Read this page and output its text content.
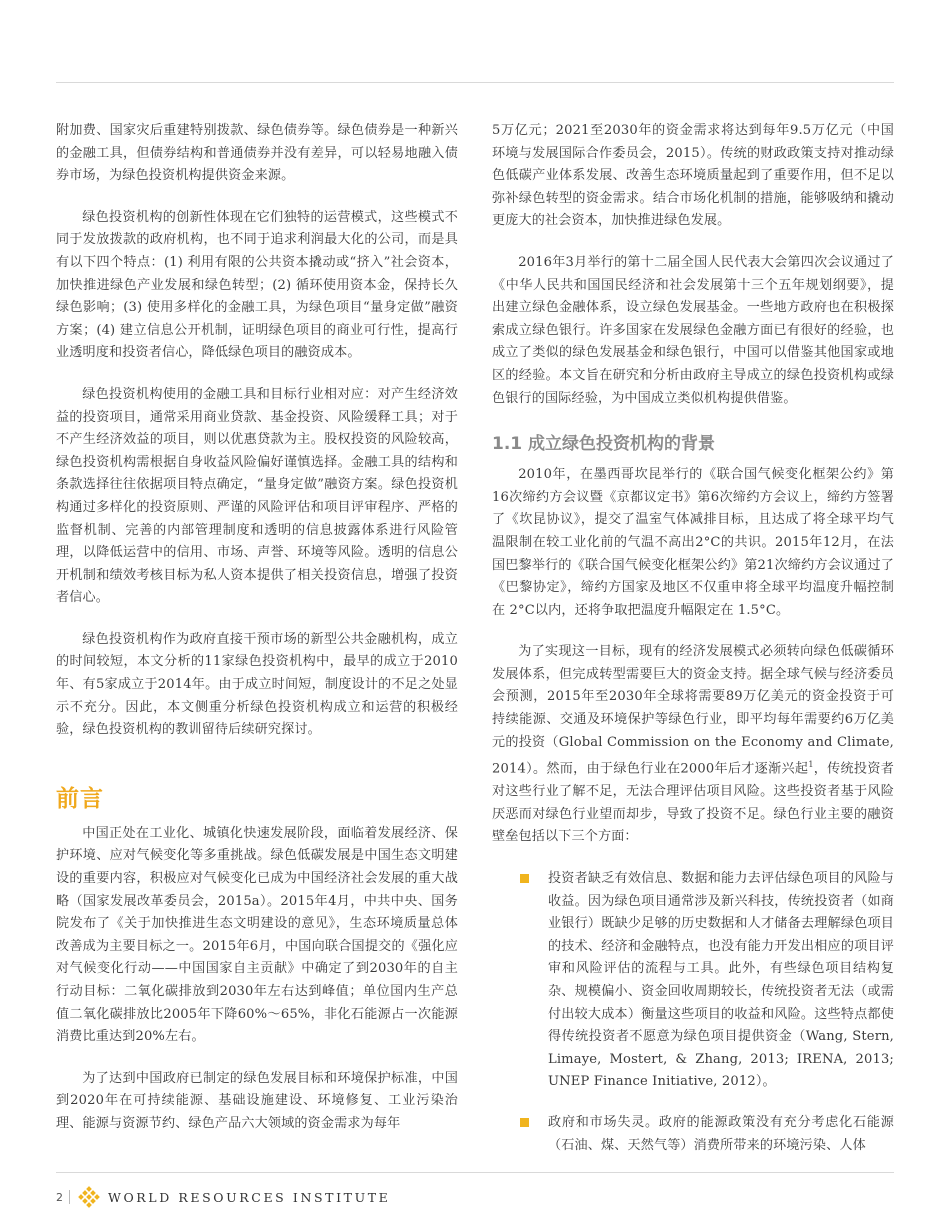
附加费、国家灾后重建特别拨款、绿色债券等。绿色债券是一种新兴的金融工具，但债券结构和普通债券并没有差异，可以轻易地融入债券市场，为绿色投资机构提供资金来源。

绿色投资机构的创新性体现在它们独特的运营模式，这些模式不同于发放拨款的政府机构，也不同于追求利润最大化的公司，而是具有以下四个特点：(1) 利用有限的公共资本撬动或“挤入”社会资本，加快推进绿色产业发展和绿色转型；(2) 循环使用资本金，保持长久绿色影响；(3) 使用多样化的金融工具，为绿色项目“量身定做”融资方案；(4) 建立信息公开机制，证明绿色项目的商业可行性，提高行业透明度和投资者信心，降低绿色项目的融资成本。

绿色投资机构使用的金融工具和目标行业相对应：对产生经济效益的投资项目，通常采用商业贷款、基金投资、风险缓释工具；对于不产生经济效益的项目，则以优惠贷款为主。股权投资的风险较高，绿色投资机构需根据自身收益风险偏好谨慎选择。金融工具的结构和条款选择往往依据项目特点确定，“量身定做”融资方案。绿色投资机构通过多样化的投资原则、严谨的风险评估和项目评审程序、严格的监督机制、完善的内部管理制度和透明的信息披露体系进行风险管理，以降低运营中的信用、市场、声誉、环境等风险。透明的信息公开机制和绩效考核目标为私人资本提供了相关投资信息，增强了投资者信心。

绿色投资机构作为政府直接干预市场的新型公共金融机构，成立的时间较短，本文分析的11家绿色投资机构中，最早的成立于2010年、有5家成立于2014年。由于成立时间短，制度设计的不足之处显示不充分。因此，本文侧重分析绿色投资机构成立和运营的积极经验，绿色投资机构的教训留待后续研究探讨。

前言

中国正处在工业化、城镇化快速发展阶段，面临着发展经济、保护环境、应对气候变化等多重挑战。绿色低碳发展是中国生态文明建设的重要内容，积极应对气候变化已成为中国经济社会发展的重大战略（国家发展改革委员会，2015a）。2015年4月，中共中央、国务院发布了《关于加快推进生态文明建设的意见》，生态环境质量总体改善成为主要目标之一。2015年6月，中国向联合国提交的《强化应对气候变化行动——中国国家自主贡献》中确定了到2030年的自主行动目标：二氧化碳排放到2030年左右达到峰值；单位国内生产总值二氧化碳排放比2005年下降60%～65%，非化石能源占一次能源消费比重达到20%左右。

为了达到中国政府已制定的绿色发展目标和环境保护标准，中国到2020年在可持续能源、基础设施建设、环境修复、工业污染治理、能源与资源节约、绿色产品六大领域的资金需求为每年

5万亿元；2021至2030年的资金需求将达到每年9.5万亿元（中国环境与发展国际合作委员会，2015）。传统的财政政策支持对推动绿色低碳产业体系发展、改善生态环境质量起到了重要作用，但不足以弥补绿色转型的资金需求。结合市场化机制的措施，能够吸纳和撬动更庞大的社会资本，加快推进绿色发展。

2016年3月举行的第十二届全国人民代表大会第四次会议通过了《中华人民共和国国民经济和社会发展第十三个五年规划纲要》，提出建立绿色金融体系，设立绿色发展基金。一些地方政府也在积极探索成立绿色银行。许多国家在发展绿色金融方面已有很好的经验，也成立了类似的绿色发展基金和绿色银行，中国可以借鉴其他国家或地区的经验。本文旨在研究和分析由政府主导成立的绿色投资机构或绿色银行的国际经验，为中国成立类似机构提供借鉴。

1.1 成立绿色投资机构的背景

2010年，在墨西哥坎昆举行的《联合国气候变化框架公约》第16次缔约方会议暨《京都议定书》第6次缔约方会议上，缔约方签署了《坎昆协议》，提交了温室气体减排目标，且达成了将全球平均气温限制在较工业化前的气温不高出2°C的共识。2015年12月，在法国巴黎举行的《联合国气候变化框架公约》第21次缔约方会议通过了《巴黎协定》，缔约方国家及地区不仅重申将全球平均温度升幅控制在 2°C以内，还将争取把温度升幅限定在 1.5°C。

为了实现这一目标，现有的经济发展模式必须转向绿色低碳循环发展体系，但完成转型需要巨大的资金支持。据全球气候与经济委员会预测，2015年至2030年全球将需要89万亿美元的资金投资于可持续能源、交通及环境保护等绿色行业，即平均每年需要约6万亿美元的投资（Global Commission on the Economy and Climate, 2014）。然而，由于绿色行业在2000年后才逐渐兴起$^1$，传统投资者对这些行业了解不足，无法合理评估项目风险。这些投资者基于风险厌恶而对绿色行业望而却步，导致了投资不足。绿色行业主要的融资壁垒包括以下三个方面：

投资者缺乏有效信息、数据和能力去评估绿色项目的风险与收益。因为绿色项目通常涉及新兴科技，传统投资者（如商业银行）既缺少足够的历史数据和人才储备去理解绿色项目的技术、经济和金融特点，也没有能力开发出相应的项目评审和风险评估的流程与工具。此外，有些绿色项目结构复杂、规模偏小、资金回收周期较长，传统投资者无法（或需付出较大成本）衡量这些项目的收益和风险。这些特点都使得传统投资者不愿意为绿色项目提供资金（Wang, Stern, Limaye, Mostert, & Zhang, 2013; IRENA, 2013; UNEP Finance Initiative, 2012）。
政府和市场失灵。政府的能源政策没有充分考虑化石能源（石油、煤、天然气等）消费所带来的环境污染、人体
2	WORLD RESOURCES INSTITUTE
